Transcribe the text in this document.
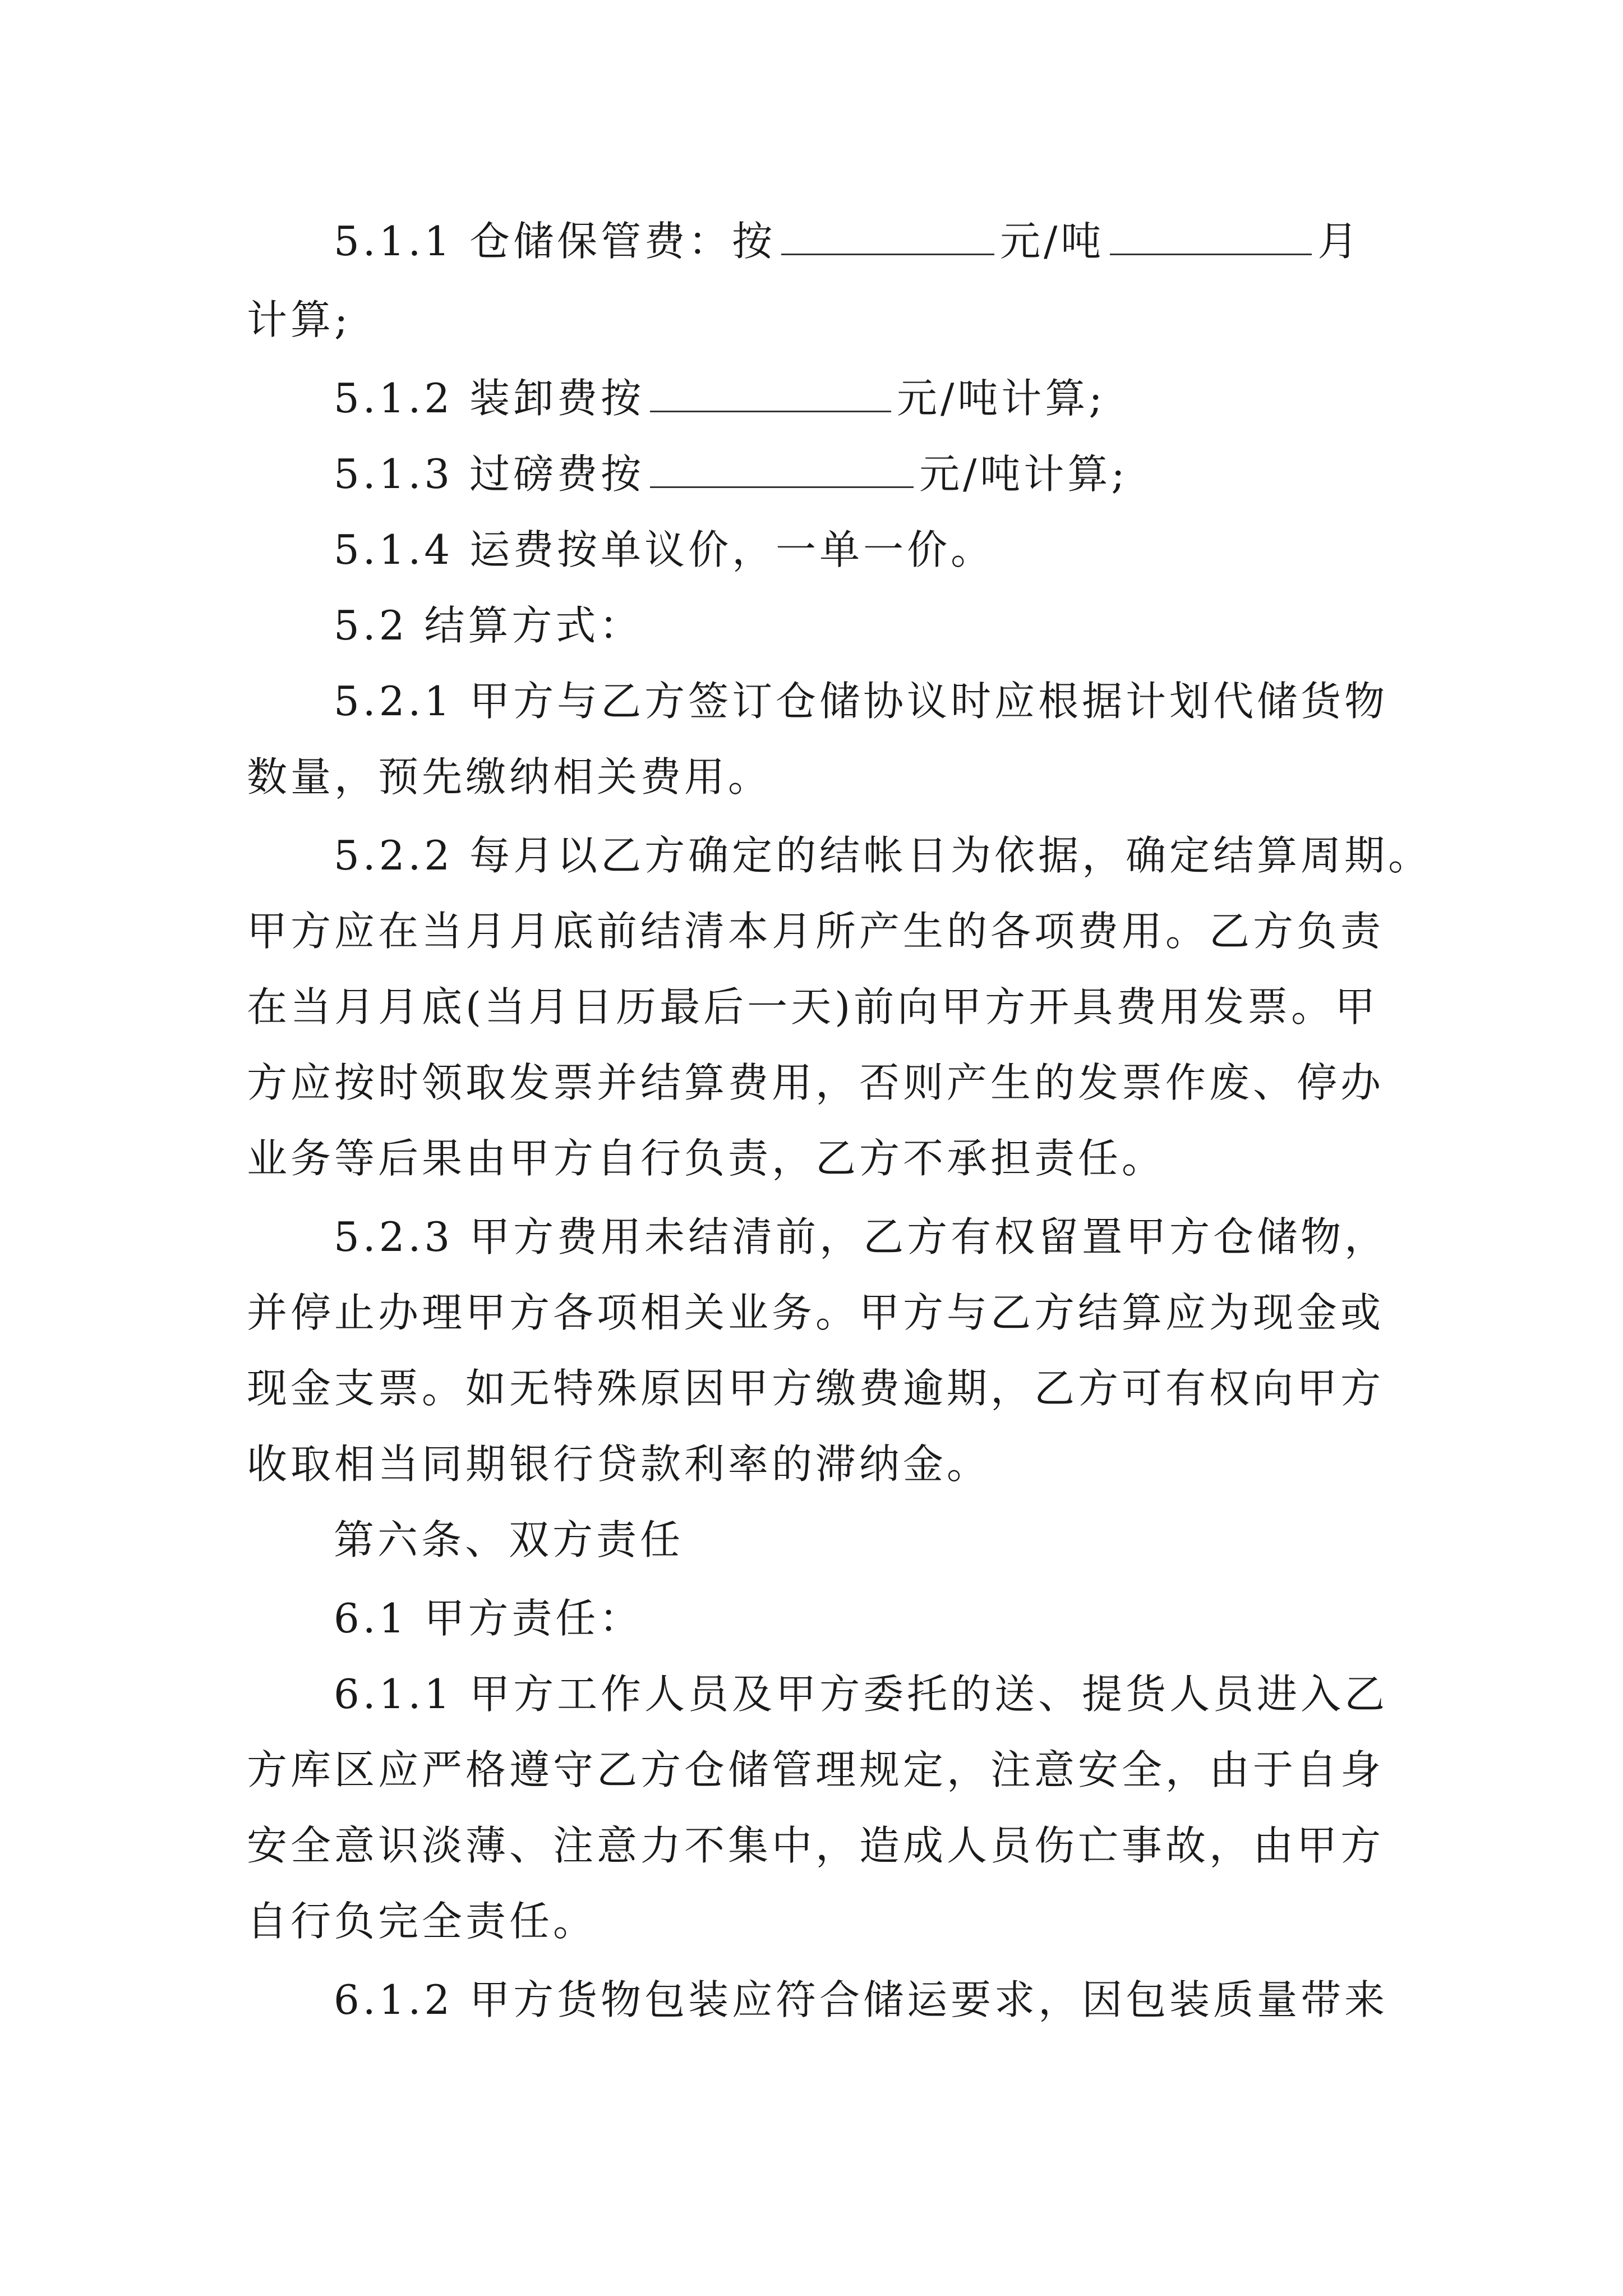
5.1.1 仓储保管费：按	元/吨	月
计算;
5.1.2 装卸费按	元/吨计算;
5.1.3 过磅费按	元/吨计算;
5.1.4 运费按单议价，一单一价。
5.2 结算方式：
5.2.1 甲方与乙方签订仓储协议时应根据计划代储货物
数量，预先缴纳相关费用。
5.2.2 每月以乙方确定的结帐日为依据，确定结算周期。
甲方应在当月月底前结清本月所产生的各项费用。乙方负责
在当月月底(当月日历最后一天)前向甲方开具费用发票。甲
方应按时领取发票并结算费用，否则产生的发票作废、停办
业务等后果由甲方自行负责，乙方不承担责任。
5.2.3 甲方费用未结清前，乙方有权留置甲方仓储物，
并停止办理甲方各项相关业务。甲方与乙方结算应为现金或
现金支票。如无特殊原因甲方缴费逾期，乙方可有权向甲方
收取相当同期银行贷款利率的滞纳金。
第六条、双方责任
6.1 甲方责任：
6.1.1 甲方工作人员及甲方委托的送、提货人员进入乙
方库区应严格遵守乙方仓储管理规定，注意安全，由于自身
安全意识淡薄、注意力不集中，造成人员伤亡事故，由甲方
自行负完全责任。
6.1.2 甲方货物包装应符合储运要求，因包装质量带来
